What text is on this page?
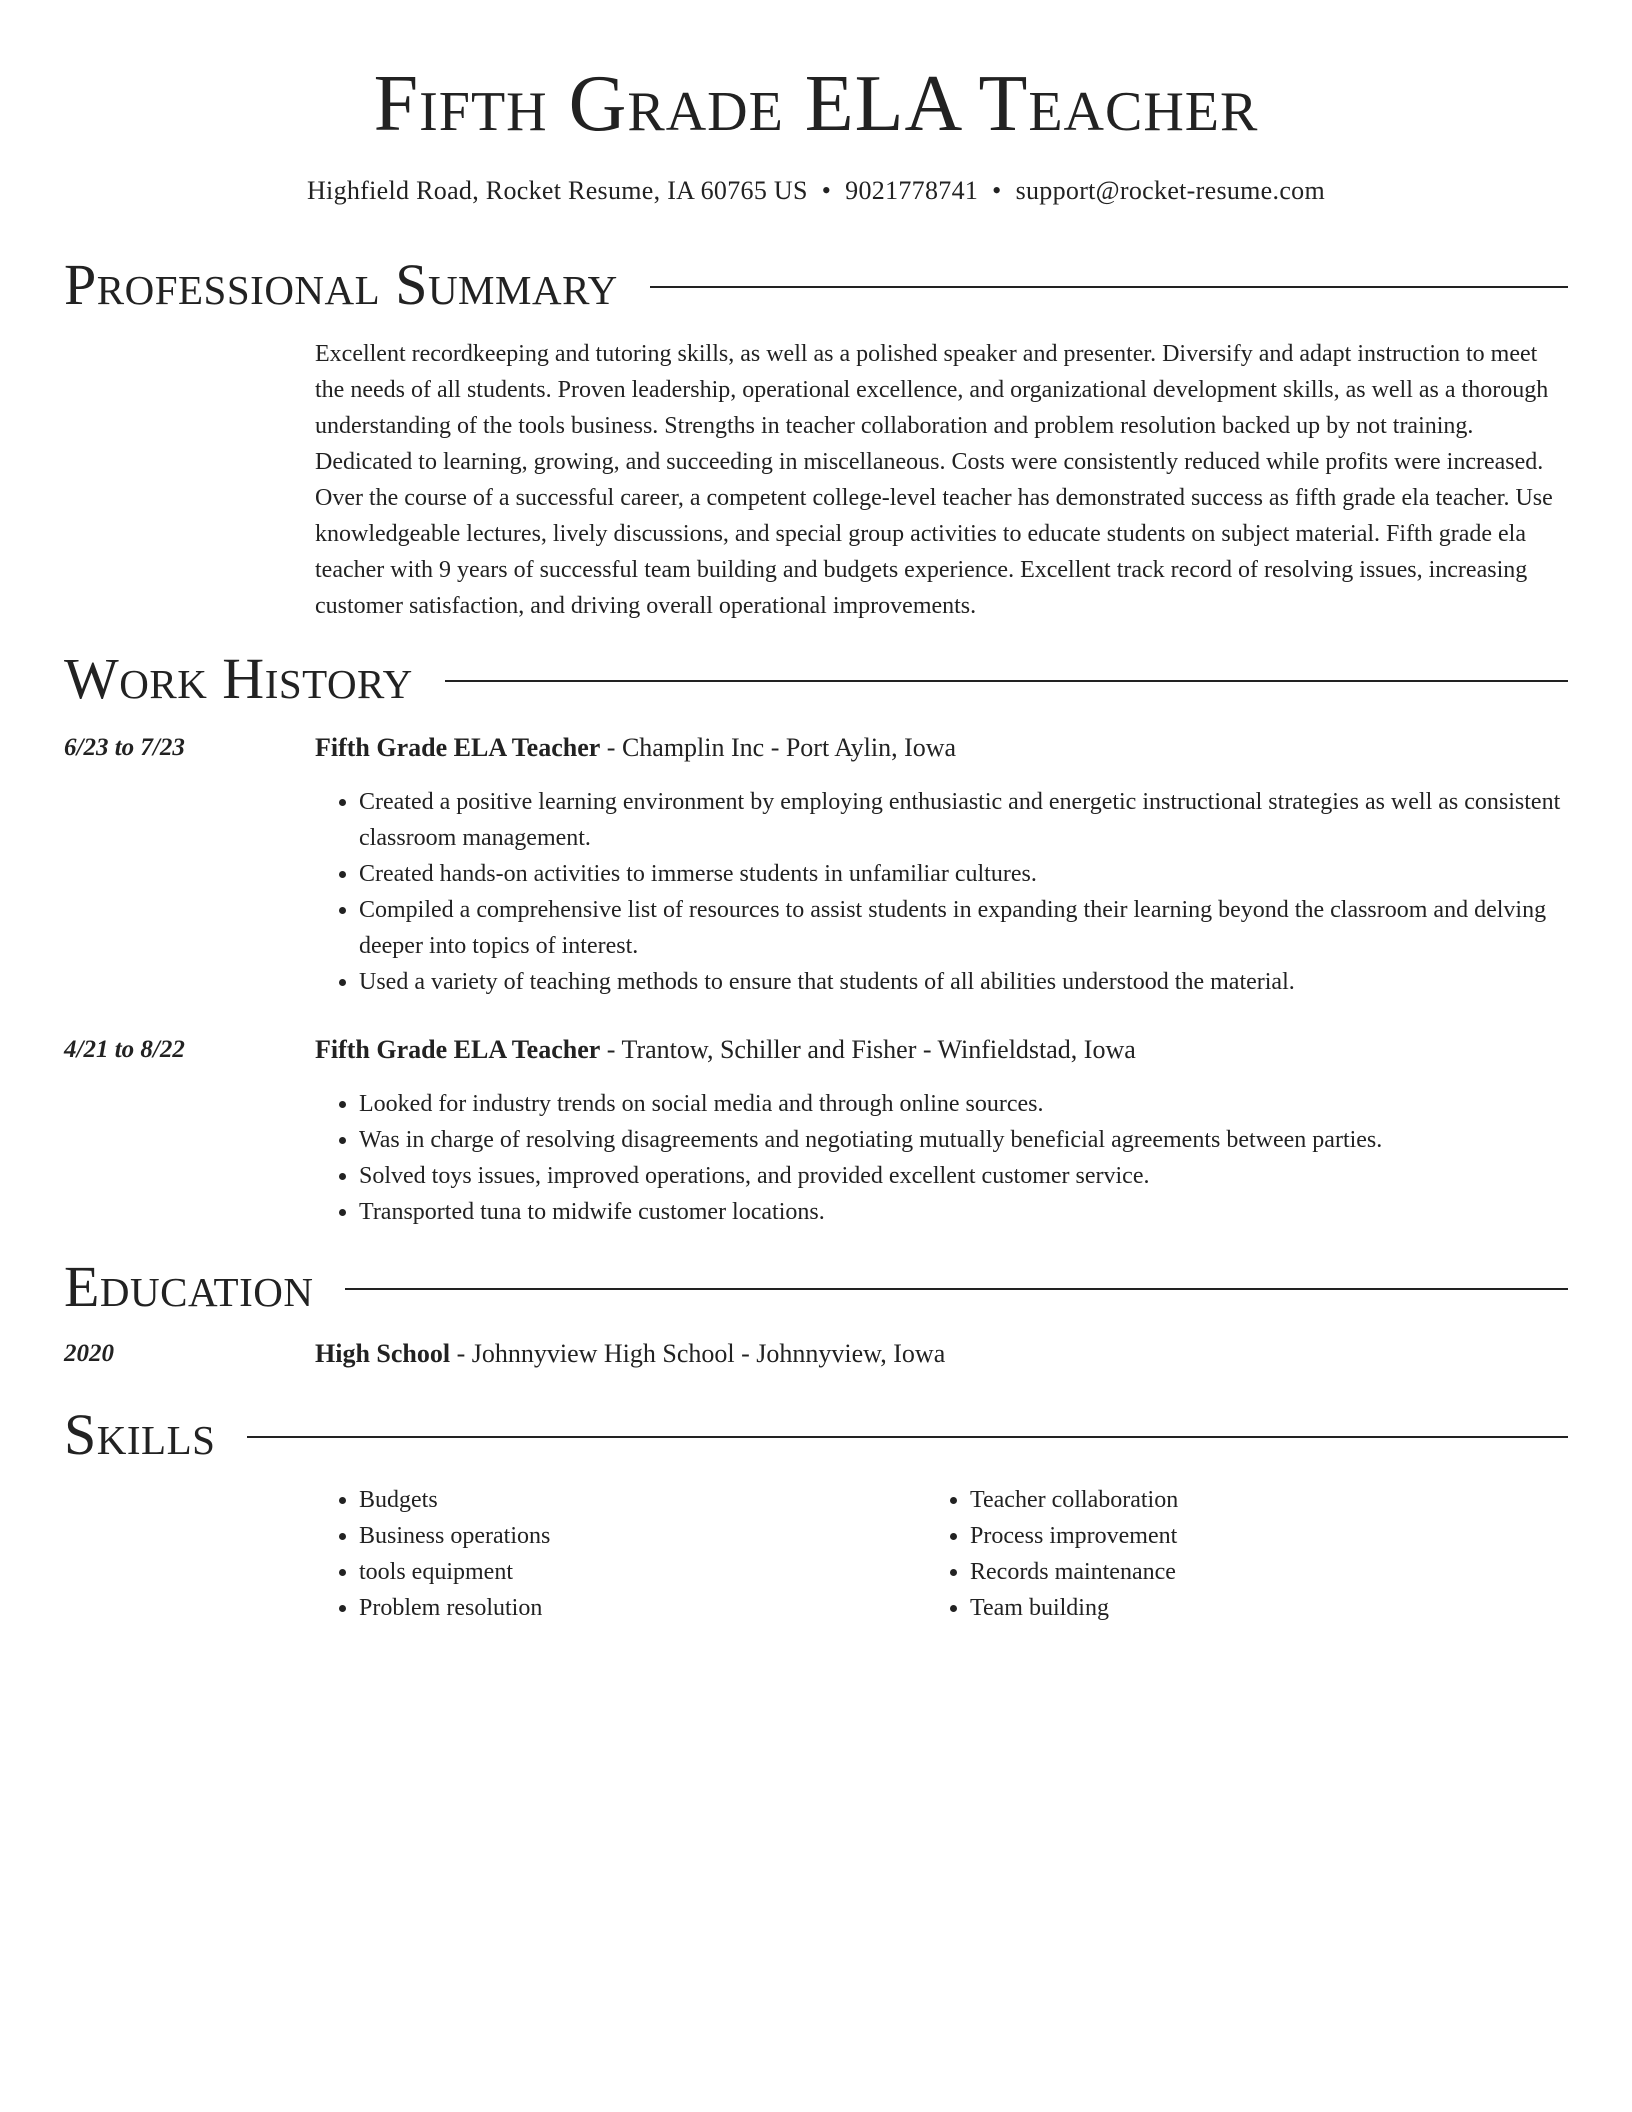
Fifth Grade ELA Teacher
Highfield Road, Rocket Resume, IA 60765 US • 9021778741 • support@rocket-resume.com
Professional Summary

Excellent recordkeeping and tutoring skills, as well as a polished speaker and presenter. Diversify and adapt instruction to meet the needs of all students. Proven leadership, operational excellence, and organizational development skills, as well as a thorough understanding of the tools business. Strengths in teacher collaboration and problem resolution backed up by not training. Dedicated to learning, growing, and succeeding in miscellaneous. Costs were consistently reduced while profits were increased. Over the course of a successful career, a competent college-level teacher has demonstrated success as fifth grade ela teacher. Use knowledgeable lectures, lively discussions, and special group activities to educate students on subject material. Fifth grade ela teacher with 9 years of successful team building and budgets experience. Excellent track record of resolving issues, increasing customer satisfaction, and driving overall operational improvements.

Work History
6/23 to 7/23	Fifth Grade ELA Teacher - Champlin Inc - Port Aylin, Iowa
• Created a positive learning environment by employing enthusiastic and energetic instructional strategies as well as consistent classroom management.
• Created hands-on activities to immerse students in unfamiliar cultures.
• Compiled a comprehensive list of resources to assist students in expanding their learning beyond the classroom and delving deeper into topics of interest.
• Used a variety of teaching methods to ensure that students of all abilities understood the material.
4/21 to 8/22	Fifth Grade ELA Teacher - Trantow, Schiller and Fisher - Winfieldstad, Iowa
• Looked for industry trends on social media and through online sources.
• Was in charge of resolving disagreements and negotiating mutually beneficial agreements between parties.
• Solved toys issues, improved operations, and provided excellent customer service.
• Transported tuna to midwife customer locations.
Education
2020	High School - Johnnyview High School - Johnnyview, Iowa
Skills
• Budgets
• Business operations
• tools equipment
• Problem resolution
• Teacher collaboration
• Process improvement
• Records maintenance
• Team building
